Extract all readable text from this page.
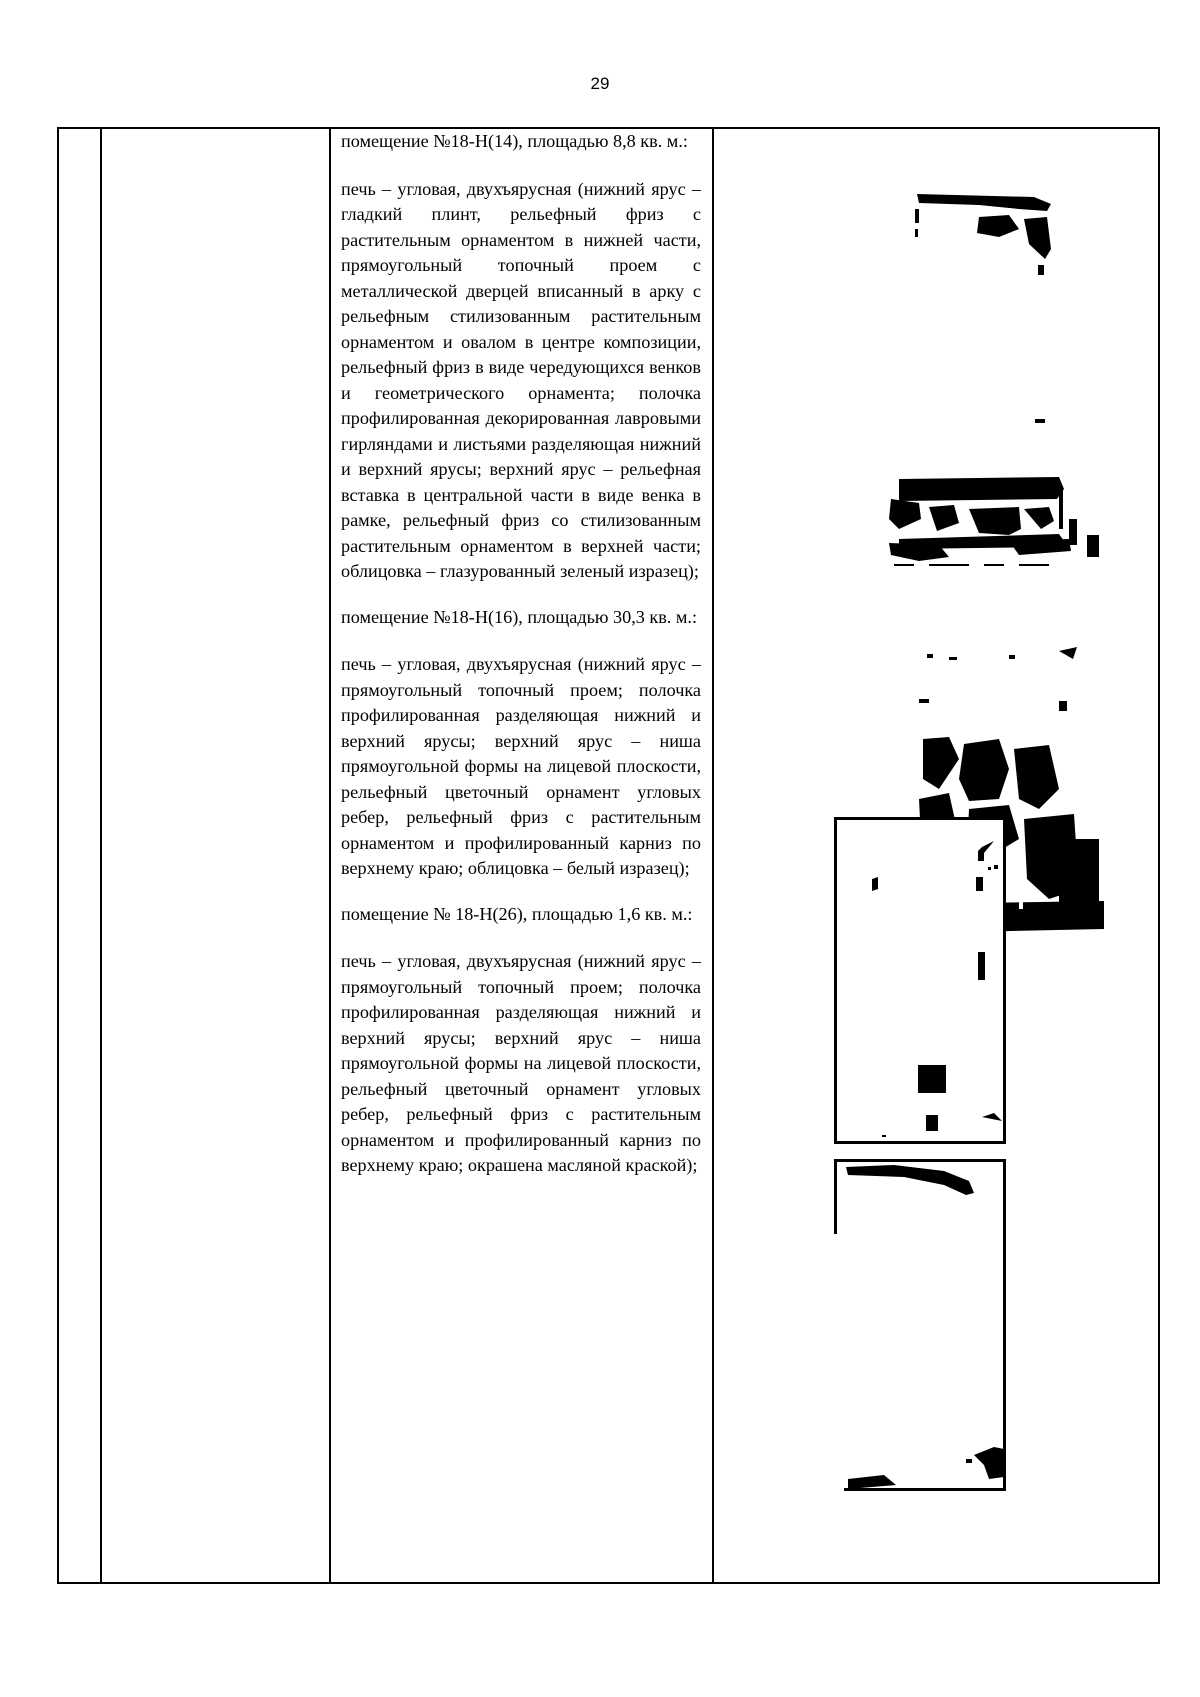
29

помещение №18-Н(14), площадью 8,8 кв. м.:

печь – угловая, двухъярусная (нижний ярус –гладкий плинт, рельефный фриз с растительным орнаментом в нижней части, прямоугольный топочный проем с металлической дверцей вписанный в арку с рельефным стилизованным растительным орнаментом и овалом в центре композиции, рельефный фриз в виде чередующихся венков и геометрического орнамента; полочка профилированная декорированная лавровыми гирляндами и листьями разделяющая нижний и верхний ярусы; верхний ярус – рельефная вставка в центральной части в виде венка в рамке, рельефный фриз со стилизованным растительным орнаментом в верхней части; облицовка – глазурованный зеленый изразец);

помещение №18-Н(16), площадью 30,3 кв. м.:

печь – угловая, двухъярусная (нижний ярус – прямоугольный топочный проем; полочка профилированная разделяющая нижний и верхний ярусы; верхний ярус – ниша прямоугольной формы на лицевой плоскости, рельефный цветочный орнамент угловых ребер, рельефный фриз с растительным орнаментом и профилированный карниз по верхнему краю; облицовка – белый изразец);

помещение № 18-Н(26), площадью 1,6 кв. м.:

печь – угловая, двухъярусная (нижний ярус – прямоугольный топочный проем; полочка профилированная разделяющая нижний и верхний ярусы; верхний ярус – ниша прямоугольной формы на лицевой плоскости, рельефный цветочный орнамент угловых ребер, рельефный фриз с растительным орнаментом и профилированный карниз по верхнему краю; окрашена масляной краской);
